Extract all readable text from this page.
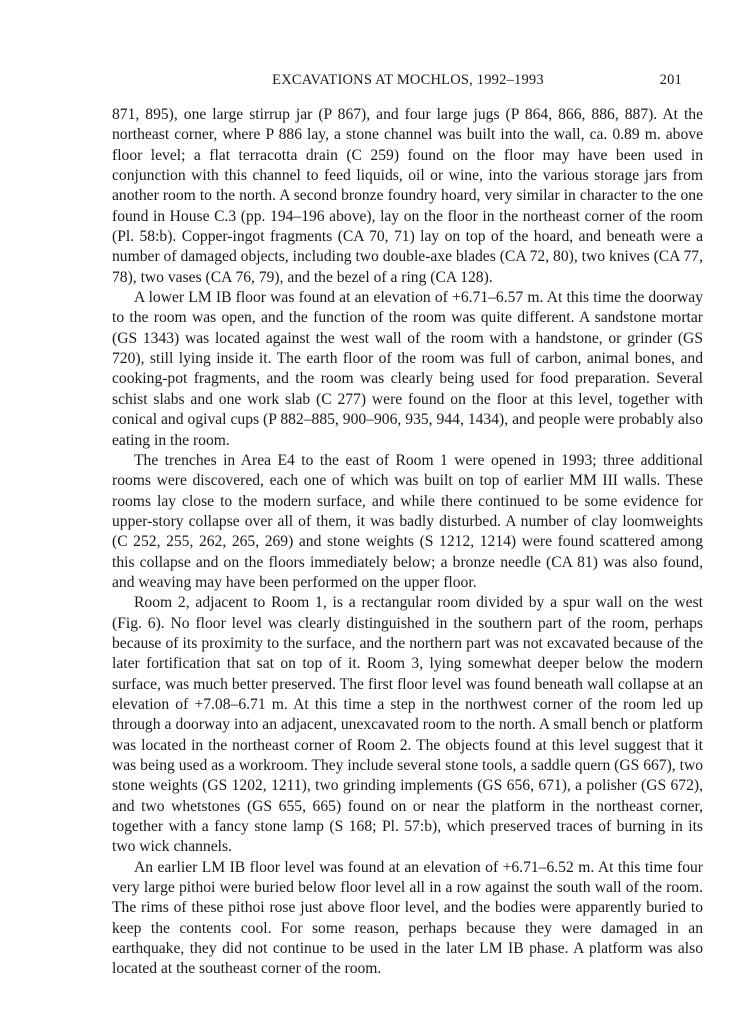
EXCAVATIONS AT MOCHLOS, 1992–1993	201

871, 895), one large stirrup jar (P 867), and four large jugs (P 864, 866, 886, 887). At the northeast corner, where P 886 lay, a stone channel was built into the wall, ca. 0.89 m. above floor level; a flat terracotta drain (C 259) found on the floor may have been used in conjunction with this channel to feed liquids, oil or wine, into the various storage jars from another room to the north. A second bronze foundry hoard, very similar in character to the one found in House C.3 (pp. 194–196 above), lay on the floor in the northeast corner of the room (Pl. 58:b). Copper-ingot fragments (CA 70, 71) lay on top of the hoard, and beneath were a number of damaged objects, including two double-axe blades (CA 72, 80), two knives (CA 77, 78), two vases (CA 76, 79), and the bezel of a ring (CA 128).

A lower LM IB floor was found at an elevation of +6.71–6.57 m. At this time the doorway to the room was open, and the function of the room was quite different. A sandstone mortar (GS 1343) was located against the west wall of the room with a handstone, or grinder (GS 720), still lying inside it. The earth floor of the room was full of carbon, animal bones, and cooking-pot fragments, and the room was clearly being used for food preparation. Several schist slabs and one work slab (C 277) were found on the floor at this level, together with conical and ogival cups (P 882–885, 900–906, 935, 944, 1434), and people were probably also eating in the room.

The trenches in Area E4 to the east of Room 1 were opened in 1993; three additional rooms were discovered, each one of which was built on top of earlier MM III walls. These rooms lay close to the modern surface, and while there continued to be some evidence for upper-story collapse over all of them, it was badly disturbed. A number of clay loomweights (C 252, 255, 262, 265, 269) and stone weights (S 1212, 1214) were found scattered among this collapse and on the floors immediately below; a bronze needle (CA 81) was also found, and weaving may have been performed on the upper floor.

Room 2, adjacent to Room 1, is a rectangular room divided by a spur wall on the west (Fig. 6). No floor level was clearly distinguished in the southern part of the room, perhaps because of its proximity to the surface, and the northern part was not excavated because of the later fortification that sat on top of it. Room 3, lying somewhat deeper below the modern surface, was much better preserved. The first floor level was found beneath wall collapse at an elevation of +7.08–6.71 m. At this time a step in the northwest corner of the room led up through a doorway into an adjacent, unexcavated room to the north. A small bench or platform was located in the northeast corner of Room 2. The objects found at this level suggest that it was being used as a workroom. They include several stone tools, a saddle quern (GS 667), two stone weights (GS 1202, 1211), two grinding implements (GS 656, 671), a polisher (GS 672), and two whetstones (GS 655, 665) found on or near the platform in the northeast corner, together with a fancy stone lamp (S 168; Pl. 57:b), which preserved traces of burning in its two wick channels.

An earlier LM IB floor level was found at an elevation of +6.71–6.52 m. At this time four very large pithoi were buried below floor level all in a row against the south wall of the room. The rims of these pithoi rose just above floor level, and the bodies were apparently buried to keep the contents cool. For some reason, perhaps because they were damaged in an earthquake, they did not continue to be used in the later LM IB phase. A platform was also located at the southeast corner of the room.
